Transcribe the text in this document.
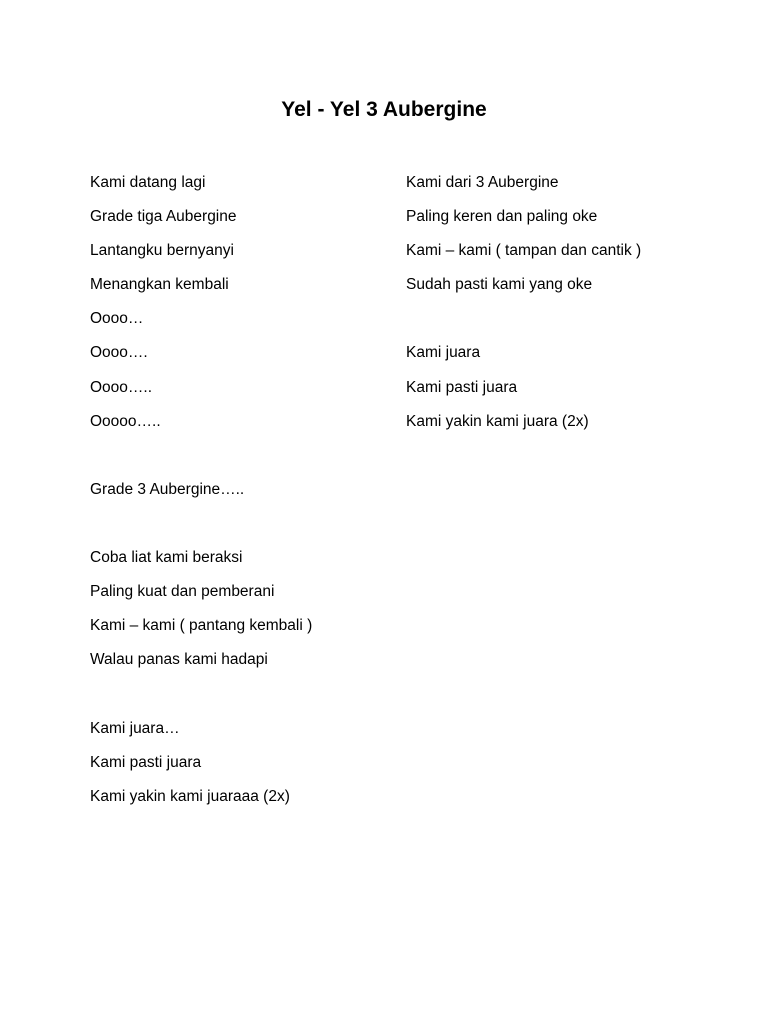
Yel - Yel 3 Aubergine
Kami datang lagi
Grade tiga Aubergine
Lantangku bernyanyi
Menangkan kembali
Oooo…
Oooo….
Oooo…..
Ooooo…..
Grade 3 Aubergine…..
Coba liat kami beraksi
Paling kuat dan pemberani
Kami – kami ( pantang kembali )
Walau panas kami hadapi
Kami juara…
Kami pasti juara
Kami yakin kami juaraaa (2x)
Kami dari 3 Aubergine
Paling keren dan paling oke
Kami – kami ( tampan dan cantik )
Sudah pasti kami yang oke
Kami juara
Kami pasti juara
Kami yakin kami juara (2x)
